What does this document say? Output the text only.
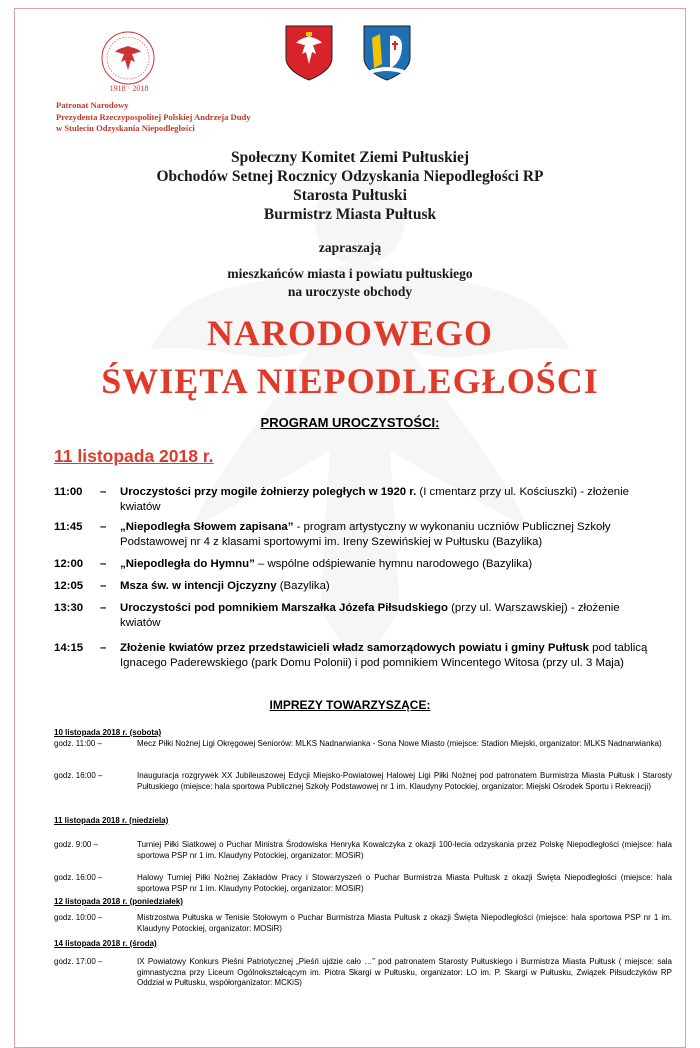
1918 · 2018
Patronat Narodowy
Prezydenta Rzeczypospolitej Polskiej Andrzeja Dudy
w Stuleciu Odzyskania Niepodległości
Społeczny Komitet Ziemi Pułtuskiej
Obchodów Setnej Rocznicy Odzyskania Niepodległości RP
Starosta Pułtuski
Burmistrz Miasta Pułtusk
zapraszają
mieszkańców miasta i powiatu pułtuskiego
na uroczyste obchody
NARODOWEGO
ŚWIĘTA NIEPODLEGŁOŚCI
PROGRAM UROCZYSTOŚCI:
11 listopada 2018 r.
11:00	– Uroczystości przy mogile żołnierzy poległych w 1920 r. (I cmentarz przy ul. Kościuszki) - złożenie kwiatów
11:45	– „Niepodległa Słowem zapisana” - program artystyczny w wykonaniu uczniów Publicznej Szkoły Podstawowej nr 4 z klasami sportowymi im. Ireny Szewińskiej w Pułtusku (Bazylika)
12:00	– „Niepodległa do Hymnu” – wspólne odśpiewanie hymnu narodowego (Bazylika)
12:05	– Msza św. w intencji Ojczyzny (Bazylika)
13:30	– Uroczystości pod pomnikiem Marszałka Józefa Piłsudskiego (przy ul. Warszawskiej) - złożenie kwiatów
14:15	– Złożenie kwiatów przez przedstawicieli władz samorządowych powiatu i gminy Pułtusk pod tablicą Ignacego Paderewskiego (park Domu Polonii) i pod pomnikiem Wincentego Witosa (przy ul. 3 Maja)
IMPREZY TOWARZYSZĄCE:
10 listopada 2018 r. (sobota)
godz. 11:00 –	Mecz Piłki Nożnej Ligi Okręgowej Seniorów: MLKS Nadnarwianka - Sona Nowe Miasto (miejsce: Stadion Miejski, organizator: MLKS Nadnarwianka)
godz. 16:00 –	Inauguracja rozgrywek XX Jubileuszowej Edycji Miejsko-Powiatowej Halowej Ligi Piłki Nożnej pod patronatem Burmistrza Miasta Pułtusk i Starosty Pułtuskiego (miejsce: hala sportowa Publicznej Szkoły Podstawowej nr 1 im. Klaudyny Potockiej, organizator: Miejski Ośrodek Sportu i Rekreacji)
11 listopada 2018 r. (niedziela)
godz. 9:00 –	Turniej Piłki Siatkowej o Puchar Ministra Środowiska Henryka Kowalczyka z okazji 100-lecia odzyskania przez Polskę Niepodległości (miejsce: hala sportowa PSP nr 1 im. Klaudyny Potockiej, organizator: MOSiR)
godz. 16:00 –	Halowy Turniej Piłki Nożnej Zakładów Pracy i Stowarzyszeń o Puchar Burmistrza Miasta Pułtusk z okazji Święta Niepodległości (miejsce: hala sportowa PSP nr 1 im. Klaudyny Potockiej, organizator: MOSiR)
12 listopada 2018 r. (poniedziałek)
godz. 10:00 –	Mistrzostwa Pułtuska w Tenisie Stołowym o Puchar Burmistrza Miasta Pułtusk z okazji Święta Niepodległości (miejsce: hala sportowa PSP nr 1 im. Klaudyny Potockiej, organizator: MOSiR)
14 listopada 2018 r. (środa)
godz. 17:00 –	IX Powiatowy Konkurs Pieśni Patriotycznej „Pieśń ujdzie cało …” pod patronatem Starosty Pułtuskiego i Burmistrza Miasta Pułtusk ( miejsce: sala gimnastyczna przy Liceum Ogólnokształcącym im. Piotra Skargi w Pułtusku, organizator: LO im. P. Skargi w Pułtusku, Związek Piłsudczyków RP Oddział w Pułtusku, współorganizator: MCKiS)
